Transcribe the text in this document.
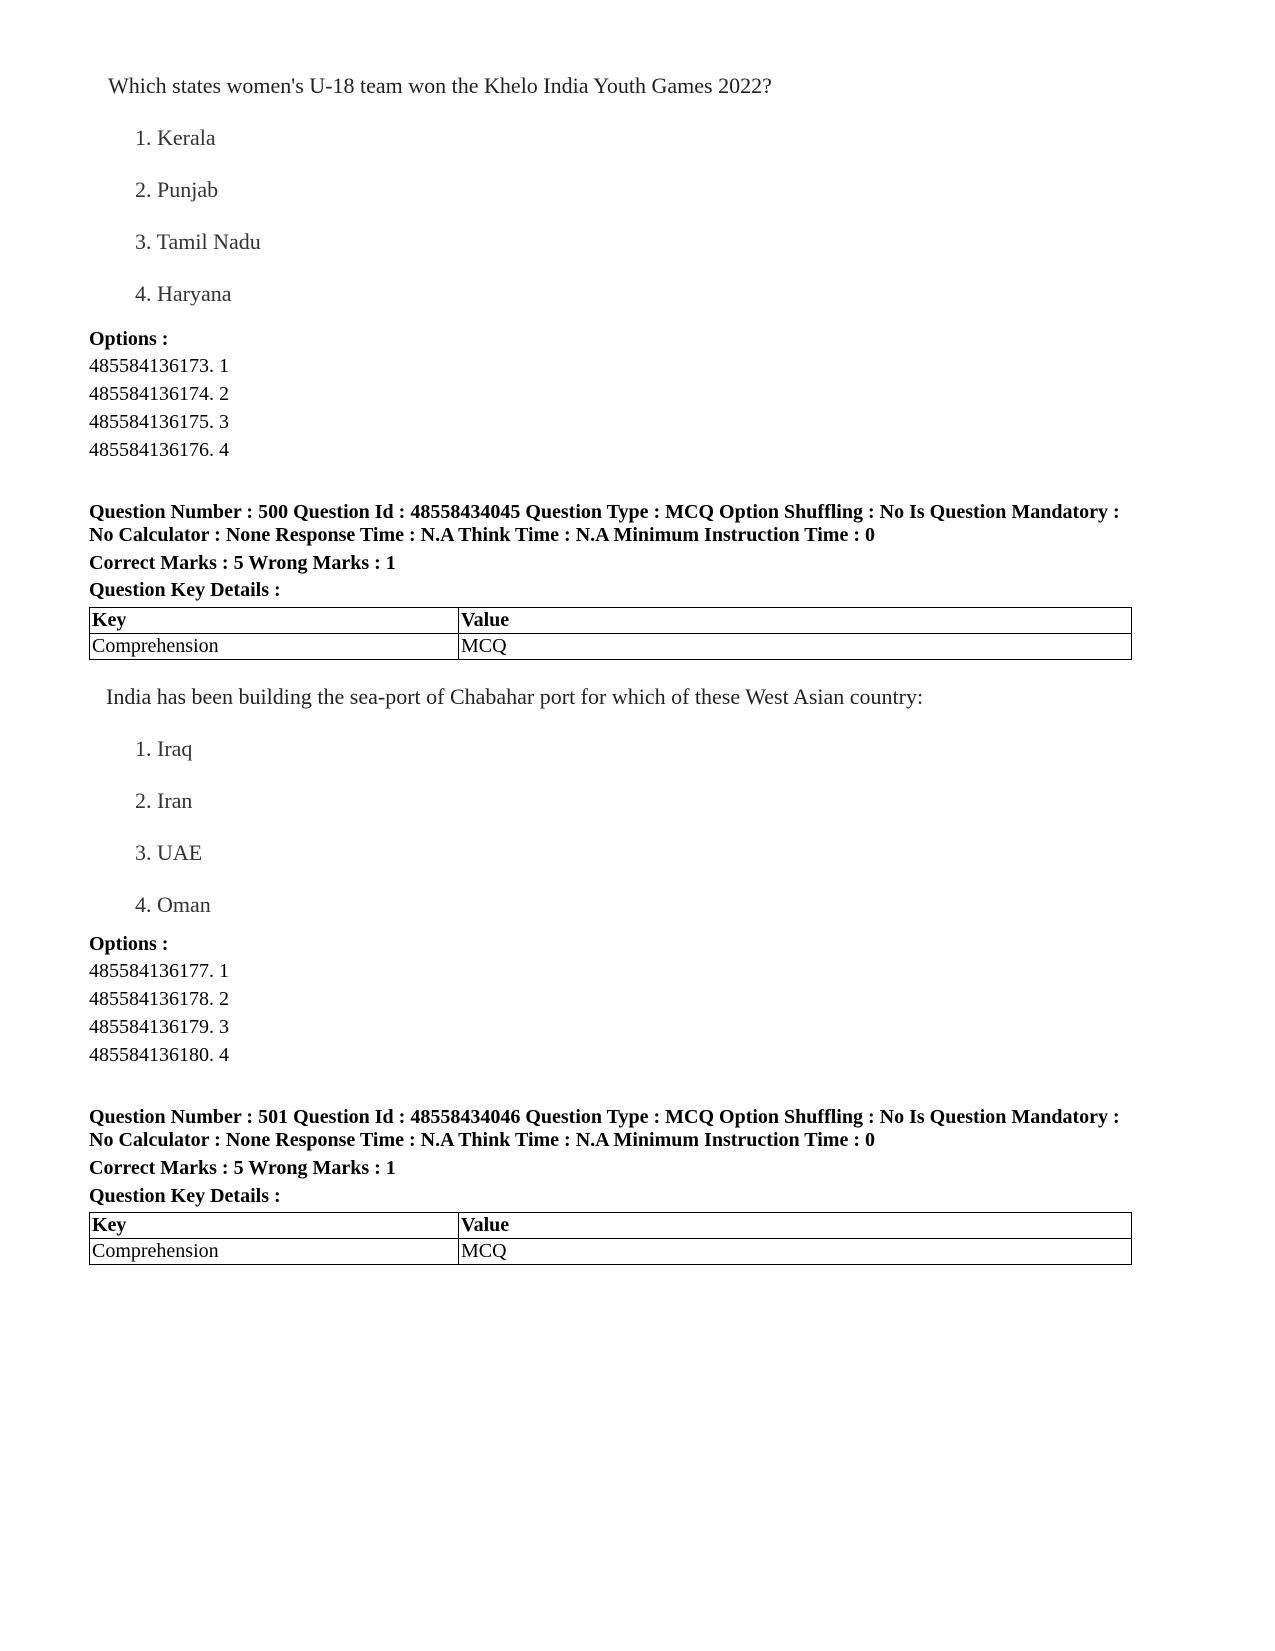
Which states women's U-18 team won the Khelo India Youth Games 2022?
1. Kerala
2. Punjab
3. Tamil Nadu
4. Haryana
Options :
485584136173. 1
485584136174. 2
485584136175. 3
485584136176. 4
Question Number : 500 Question Id : 48558434045 Question Type : MCQ Option Shuffling : No Is Question Mandatory :
No Calculator : None Response Time : N.A Think Time : N.A Minimum Instruction Time : 0
Correct Marks : 5 Wrong Marks : 1
Question Key Details :
Key	Value
Comprehension	MCQ
India has been building the sea-port of Chabahar port for which of these West Asian country:
1. Iraq
2. Iran
3. UAE
4. Oman
Options :
485584136177. 1
485584136178. 2
485584136179. 3
485584136180. 4
Question Number : 501 Question Id : 48558434046 Question Type : MCQ Option Shuffling : No Is Question Mandatory :
No Calculator : None Response Time : N.A Think Time : N.A Minimum Instruction Time : 0
Correct Marks : 5 Wrong Marks : 1
Question Key Details :
Key	Value
Comprehension	MCQ
